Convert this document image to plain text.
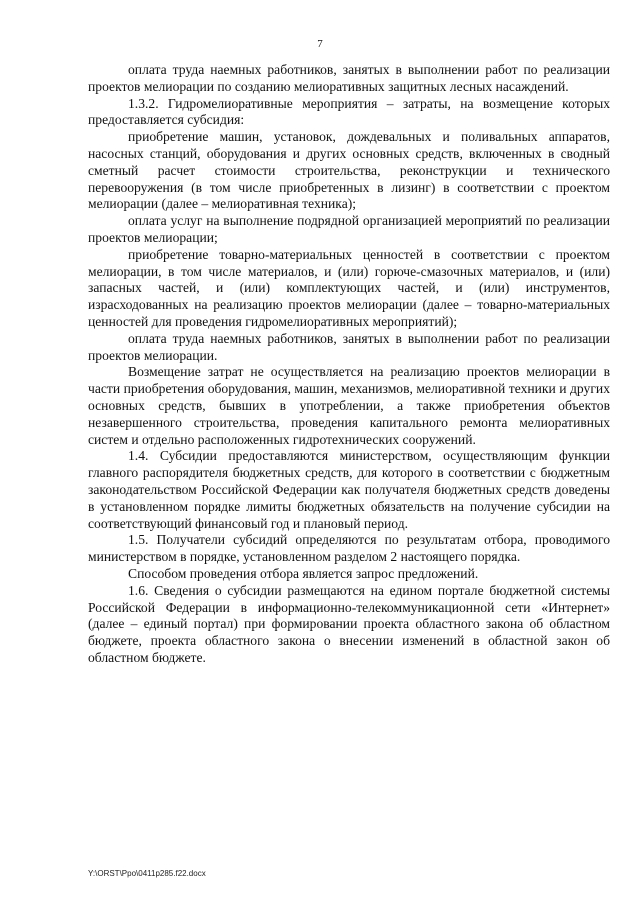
7

оплата труда наемных работников, занятых в выполнении работ по реализации проектов мелиорации по созданию мелиоративных защитных лесных насаждений.

1.3.2. Гидромелиоративные мероприятия – затраты, на возмещение которых предоставляется субсидия:

приобретение машин, установок, дождевальных и поливальных аппаратов, насосных станций, оборудования и других основных средств, включенных в сводный сметный расчет стоимости строительства, реконструкции и технического перевооружения (в том числе приобретенных в лизинг) в соответствии с проектом мелиорации (далее – мелиоративная техника);

оплата услуг на выполнение подрядной организацией мероприятий по реализации проектов мелиорации;

приобретение товарно-материальных ценностей в соответствии с проектом мелиорации, в том числе материалов, и (или) горюче-смазочных материалов, и (или) запасных частей, и (или) комплектующих частей, и (или) инструментов, израсходованных на реализацию проектов мелиорации (далее – товарно-материальных ценностей для проведения гидромелиоративных мероприятий);

оплата труда наемных работников, занятых в выполнении работ по реализации проектов мелиорации.

Возмещение затрат не осуществляется на реализацию проектов мелиорации в части приобретения оборудования, машин, механизмов, мелиоративной техники и других основных средств, бывших в употреблении, а также приобретения объектов незавершенного строительства, проведения капитального ремонта мелиоративных систем и отдельно расположенных гидротехнических сооружений.

1.4. Субсидии предоставляются министерством, осуществляющим функции главного распорядителя бюджетных средств, для которого в соответствии с бюджетным законодательством Российской Федерации как получателя бюджетных средств доведены в установленном порядке лимиты бюджетных обязательств на получение субсидии на соответствующий финансовый год и плановый период.

1.5. Получатели субсидий определяются по результатам отбора, проводимого министерством в порядке, установленном разделом 2 настоящего порядка.

Способом проведения отбора является запрос предложений.

1.6. Сведения о субсидии размещаются на едином портале бюджетной системы Российской Федерации в информационно-телекоммуникационной сети «Интернет» (далее – единый портал) при формировании проекта областного закона об областном бюджете, проекта областного закона о внесении изменений в областной закон об областном бюджете.

Y:\ORST\Ppo\0411p285.f22.docx
